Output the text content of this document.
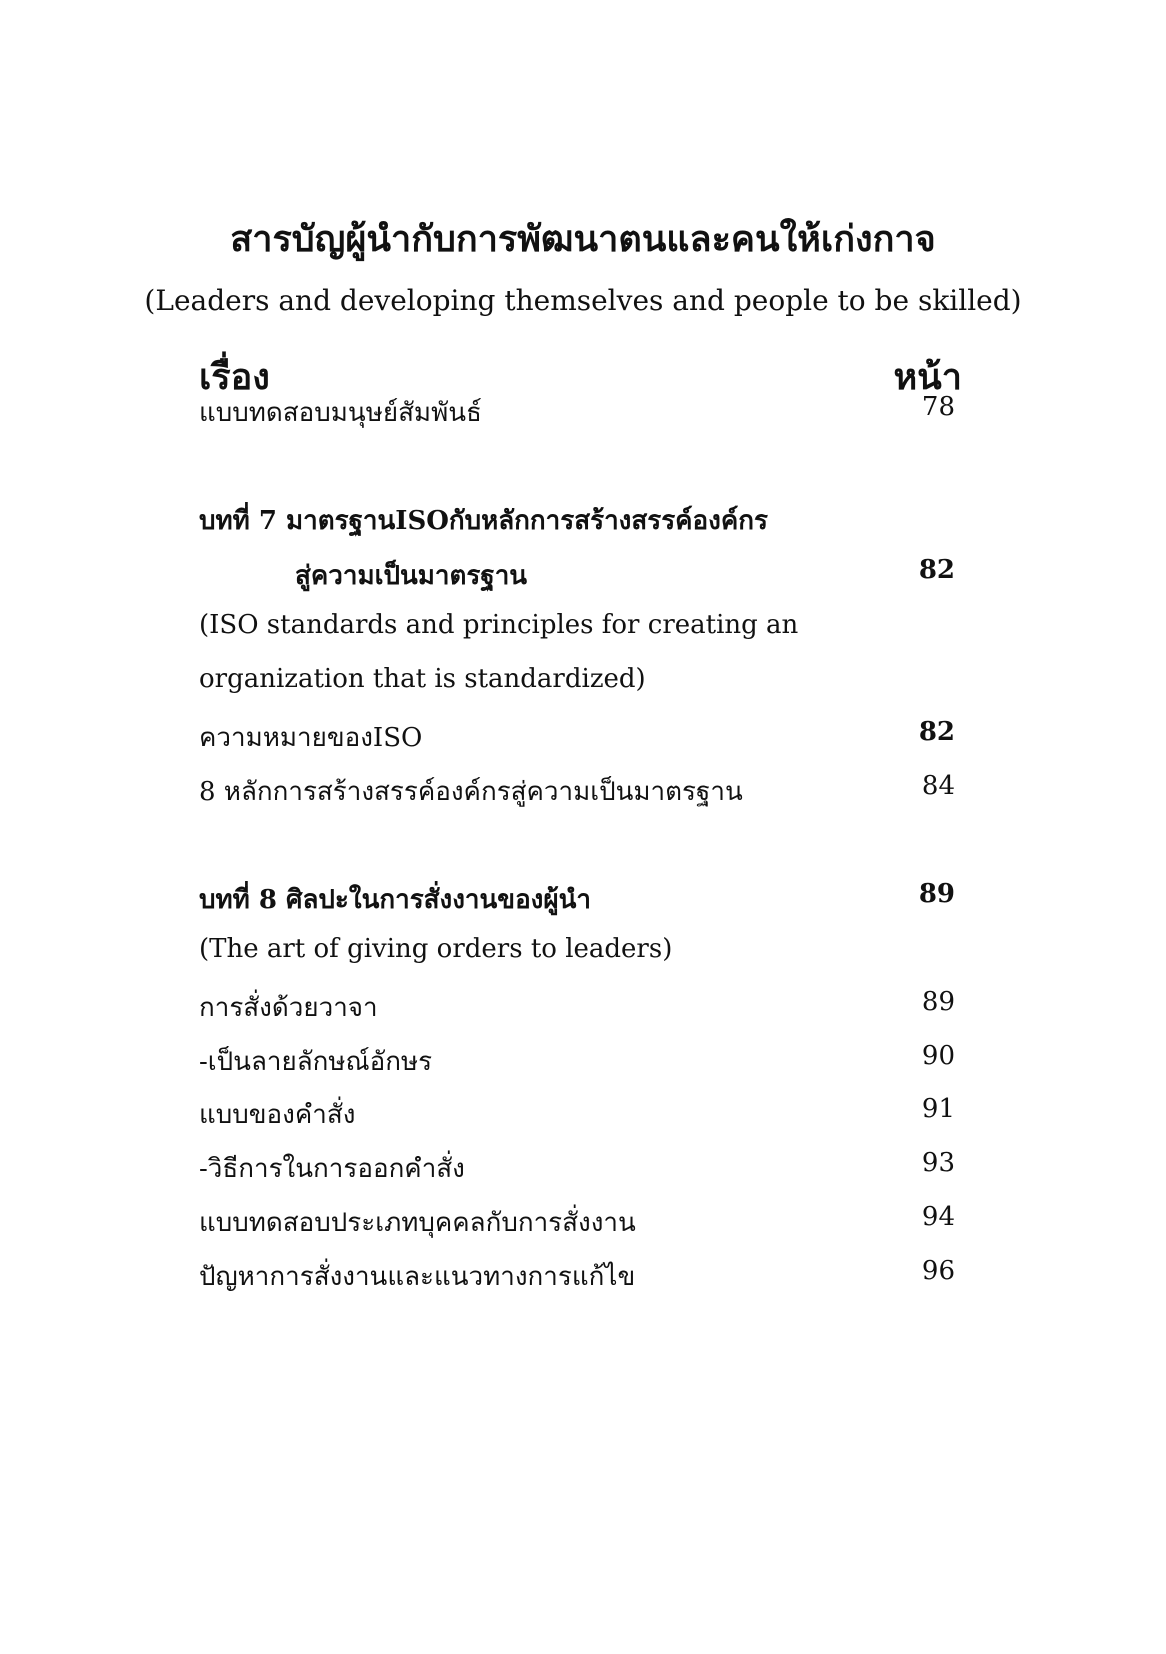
สารบัญผู้นำกับการพัฒนาตนและคนให้เก่งกาจ
(Leaders and developing themselves and people to be skilled)
เรื่อง	หน้า
แบบทดสอบมนุษย์สัมพันธ์	78
บทที่ 7 มาตรฐานISOกับหลักการสร้างสรรค์องค์กร
สู่ความเป็นมาตรฐาน	82
(ISO standards and principles for creating an
organization that is standardized)
ความหมายของISO	82
8 หลักการสร้างสรรค์องค์กรสู่ความเป็นมาตรฐาน	84
บทที่ 8 ศิลปะในการสั่งงานของผู้นำ	89
(The art of giving orders to leaders)
การสั่งด้วยวาจา	89
-เป็นลายลักษณ์อักษร	90
แบบของคำสั่ง	91
-วิธีการในการออกคำสั่ง	93
แบบทดสอบประเภทบุคคลกับการสั่งงาน	94
ปัญหาการสั่งงานและแนวทางการแก้ไข	96
